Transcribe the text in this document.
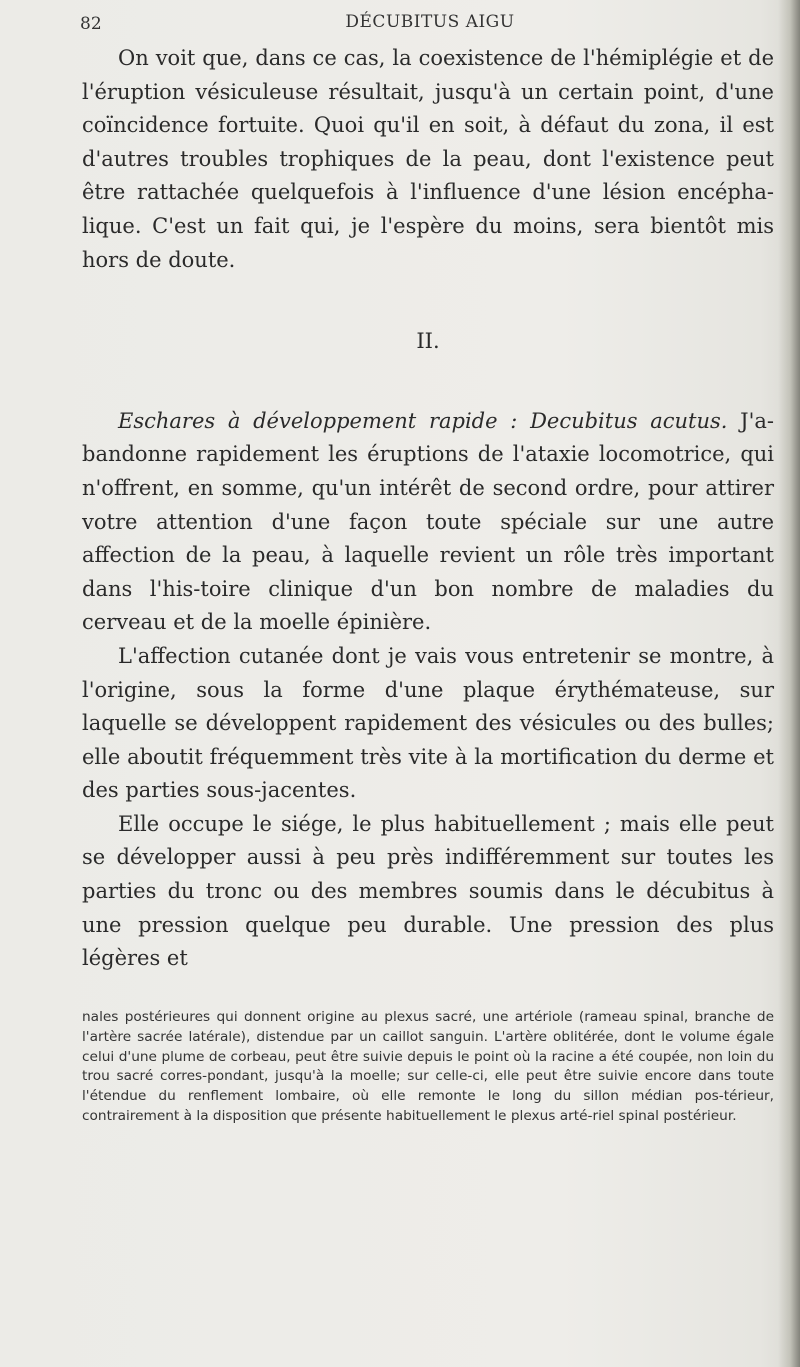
82	DÉCUBITUS AIGU

On voit que, dans ce cas, la coexistence de l'hémiplégie et de l'éruption vésiculeuse résultait, jusqu'à un certain point, d'une coïncidence fortuite. Quoi qu'il en soit, à défaut du zona, il est d'autres troubles trophiques de la peau, dont l'existence peut être rattachée quelquefois à l'influence d'une lésion encépha-lique. C'est un fait qui, je l'espère du moins, sera bientôt mis hors de doute.

II.

Eschares à développement rapide : Decubitus acutus. J'a-bandonne rapidement les éruptions de l'ataxie locomotrice, qui n'offrent, en somme, qu'un intérêt de second ordre, pour attirer votre attention d'une façon toute spéciale sur une autre affection de la peau, à laquelle revient un rôle très important dans l'his-toire clinique d'un bon nombre de maladies du cerveau et de la moelle épinière.

L'affection cutanée dont je vais vous entretenir se montre, à l'origine, sous la forme d'une plaque érythémateuse, sur laquelle se développent rapidement des vésicules ou des bulles; elle aboutit fréquemment très vite à la mortification du derme et des parties sous-jacentes.

Elle occupe le siége, le plus habituellement ; mais elle peut se développer aussi à peu près indifféremment sur toutes les parties du tronc ou des membres soumis dans le décubitus à une pression quelque peu durable. Une pression des plus légères et

nales postérieures qui donnent origine au plexus sacré, une artériole (rameau spinal, branche de l'artère sacrée latérale), distendue par un caillot sanguin. L'artère oblitérée, dont le volume égale celui d'une plume de corbeau, peut être suivie depuis le point où la racine a été coupée, non loin du trou sacré corres-pondant, jusqu'à la moelle; sur celle-ci, elle peut être suivie encore dans toute l'étendue du renflement lombaire, où elle remonte le long du sillon médian pos-térieur, contrairement à la disposition que présente habituellement le plexus arté-riel spinal postérieur.
